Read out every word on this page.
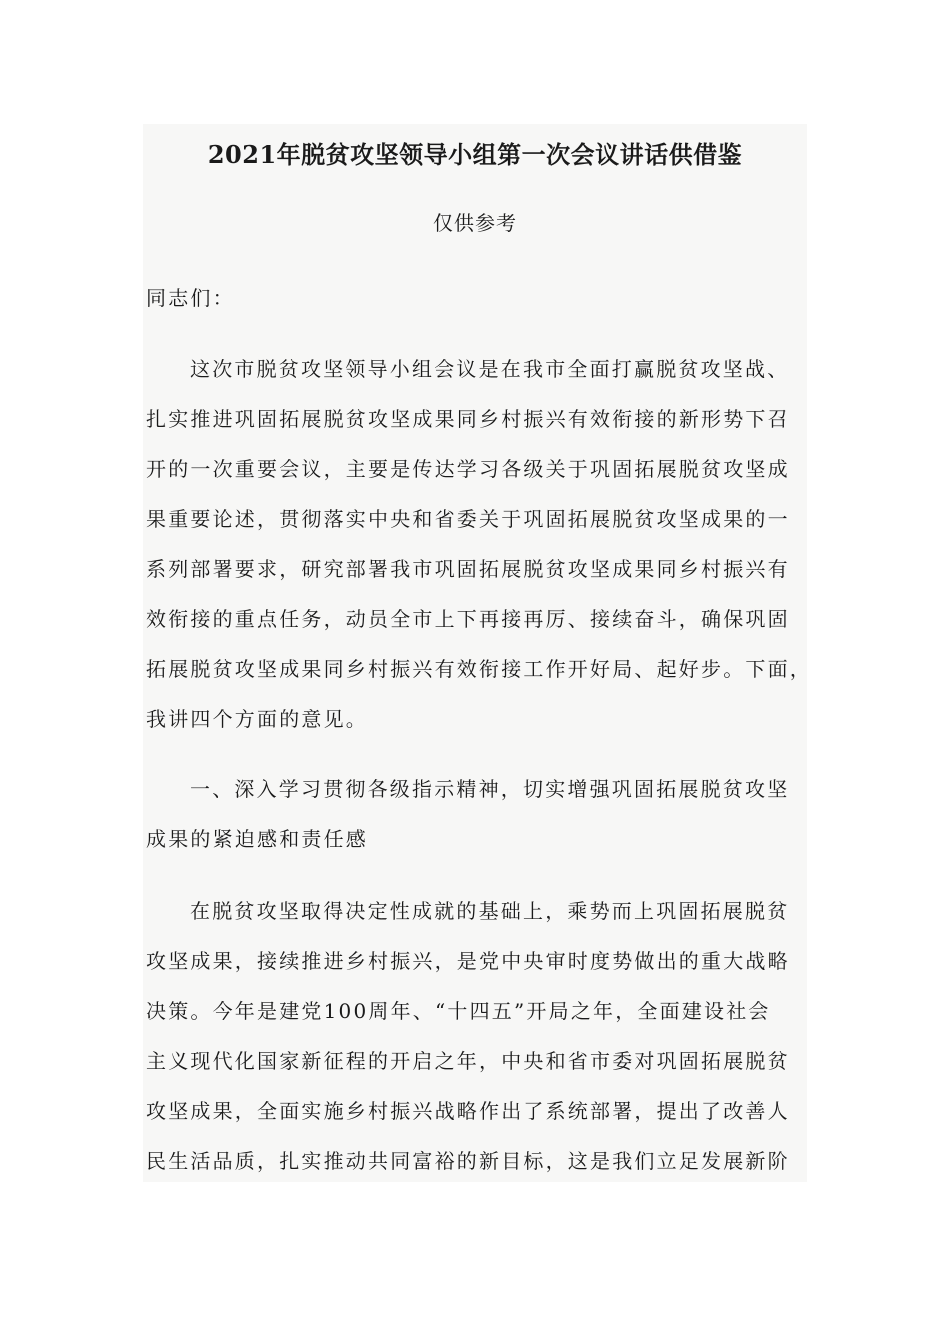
2021年脱贫攻坚领导小组第一次会议讲话供借鉴
仅供参考
同志们：
这次市脱贫攻坚领导小组会议是在我市全面打赢脱贫攻坚战、
扎实推进巩固拓展脱贫攻坚成果同乡村振兴有效衔接的新形势下召
开的一次重要会议，主要是传达学习各级关于巩固拓展脱贫攻坚成
果重要论述，贯彻落实中央和省委关于巩固拓展脱贫攻坚成果的一
系列部署要求，研究部署我市巩固拓展脱贫攻坚成果同乡村振兴有
效衔接的重点任务，动员全市上下再接再厉、接续奋斗，确保巩固
拓展脱贫攻坚成果同乡村振兴有效衔接工作开好局、起好步。下面，
我讲四个方面的意见。
一、深入学习贯彻各级指示精神，切实增强巩固拓展脱贫攻坚
成果的紧迫感和责任感
在脱贫攻坚取得决定性成就的基础上，乘势而上巩固拓展脱贫
攻坚成果，接续推进乡村振兴，是党中央审时度势做出的重大战略
决策。今年是建党100周年、“十四五”开局之年，全面建设社会
主义现代化国家新征程的开启之年，中央和省市委对巩固拓展脱贫
攻坚成果，全面实施乡村振兴战略作出了系统部署，提出了改善人
民生活品质，扎实推动共同富裕的新目标，这是我们立足发展新阶
